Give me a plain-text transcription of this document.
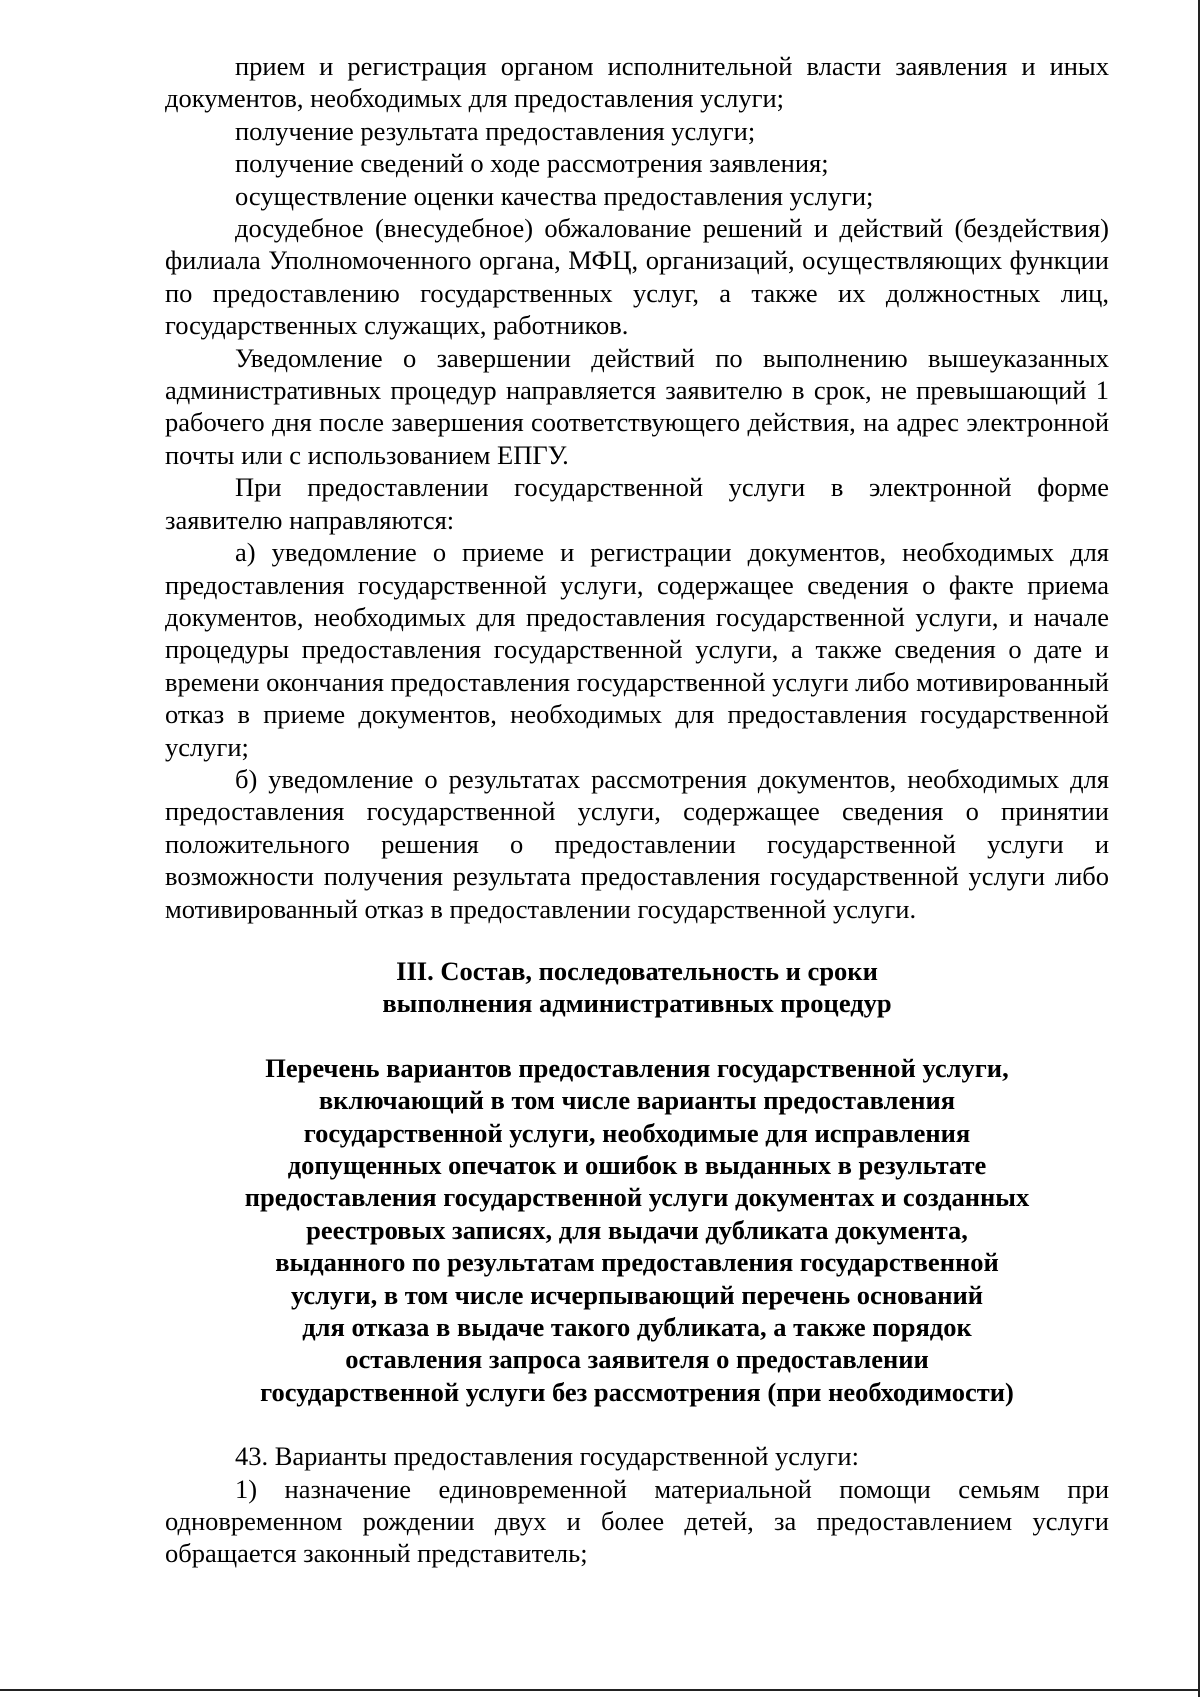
прием и регистрация органом исполнительной власти заявления и иных документов, необходимых для предоставления услуги;

получение результата предоставления услуги;

получение сведений о ходе рассмотрения заявления;

осуществление оценки качества предоставления услуги;

досудебное (внесудебное) обжалование решений и действий (бездействия) филиала Уполномоченного органа, МФЦ, организаций, осуществляющих функции по предоставлению государственных услуг, а также их должностных лиц, государственных служащих, работников.

Уведомление о завершении действий по выполнению вышеуказанных административных процедур направляется заявителю в срок, не превышающий 1 рабочего дня после завершения соответствующего действия, на адрес электронной почты или с использованием ЕПГУ.

При предоставлении государственной услуги в электронной форме заявителю направляются:

а) уведомление о приеме и регистрации документов, необходимых для предоставления государственной услуги, содержащее сведения о факте приема документов, необходимых для предоставления государственной услуги, и начале процедуры предоставления государственной услуги, а также сведения о дате и времени окончания предоставления государственной услуги либо мотивированный отказ в приеме документов, необходимых для предоставления государственной услуги;

б) уведомление о результатах рассмотрения документов, необходимых для предоставления государственной услуги, содержащее сведения о принятии положительного решения о предоставлении государственной услуги и возможности получения результата предоставления государственной услуги либо мотивированный отказ в предоставлении государственной услуги.

III. Состав, последовательность и сроки
выполнения административных процедур
Перечень вариантов предоставления государственной услуги,
включающий в том числе варианты предоставления
государственной услуги, необходимые для исправления
допущенных опечаток и ошибок в выданных в результате
предоставления государственной услуги документах и созданных
реестровых записях, для выдачи дубликата документа,
выданного по результатам предоставления государственной
услуги, в том числе исчерпывающий перечень оснований
для отказа в выдаче такого дубликата, а также порядок
оставления запроса заявителя о предоставлении
государственной услуги без рассмотрения (при необходимости)

43. Варианты предоставления государственной услуги:

1) назначение единовременной материальной помощи семьям при одновременном рождении двух и более детей, за предоставлением услуги обращается законный представитель;
